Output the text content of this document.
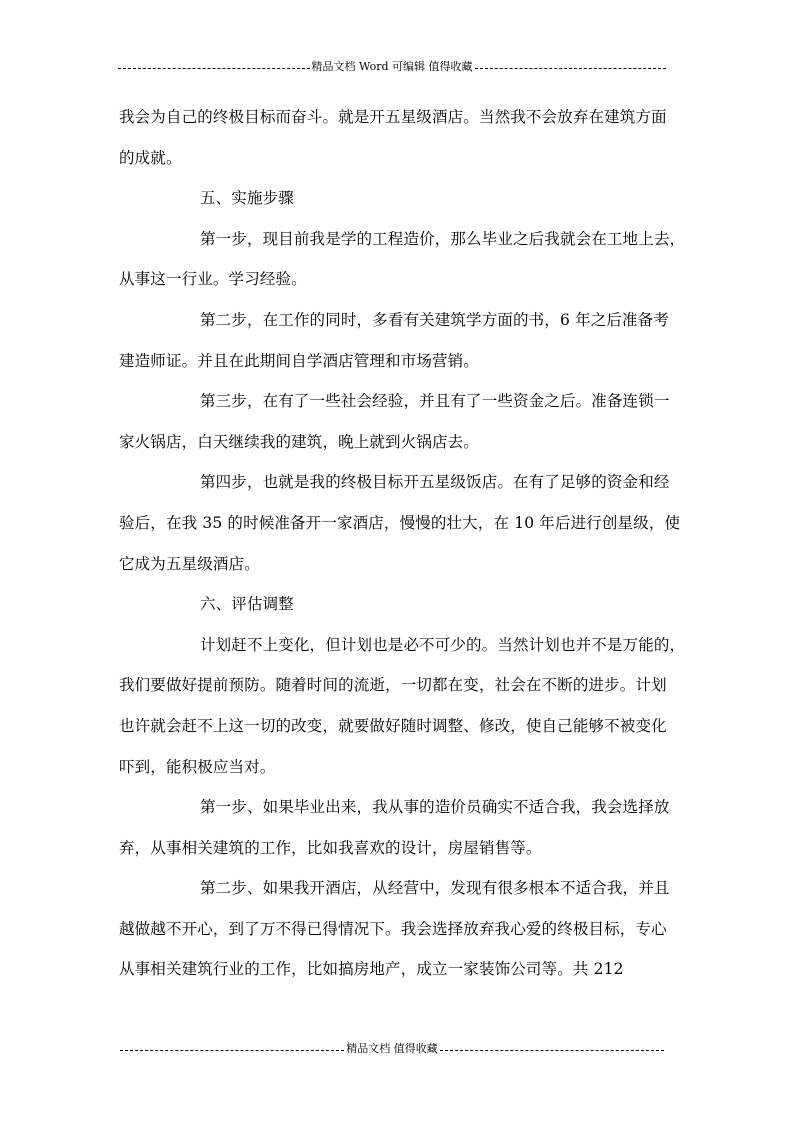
精品文档 Word 可编辑 值得收藏
我会为自己的终极目标而奋斗。就是开五星级酒店。当然我不会放弃在建筑方面
的成就。
五、实施步骤
第一步，现目前我是学的工程造价，那么毕业之后我就会在工地上去，
从事这一行业。学习经验。
第二步，在工作的同时，多看有关建筑学方面的书，6 年之后准备考
建造师证。并且在此期间自学酒店管理和市场营销。
第三步，在有了一些社会经验，并且有了一些资金之后。准备连锁一
家火锅店，白天继续我的建筑，晚上就到火锅店去。
第四步，也就是我的终极目标开五星级饭店。在有了足够的资金和经
验后，在我 35 的时候准备开一家酒店，慢慢的壮大，在 10 年后进行创星级，使
它成为五星级酒店。
六、评估调整
计划赶不上变化，但计划也是必不可少的。当然计划也并不是万能的，
我们要做好提前预防。随着时间的流逝，一切都在变，社会在不断的进步。计划
也许就会赶不上这一切的改变，就要做好随时调整、修改，使自己能够不被变化
吓到，能积极应当对。
第一步、如果毕业出来，我从事的造价员确实不适合我，我会选择放
弃，从事相关建筑的工作，比如我喜欢的设计，房屋销售等。
第二步、如果我开酒店，从经营中，发现有很多根本不适合我，并且
越做越不开心，到了万不得已得情况下。我会选择放弃我心爱的终极目标，专心
从事相关建筑行业的工作，比如搞房地产，成立一家装饰公司等。共 212
精品文档 值得收藏
